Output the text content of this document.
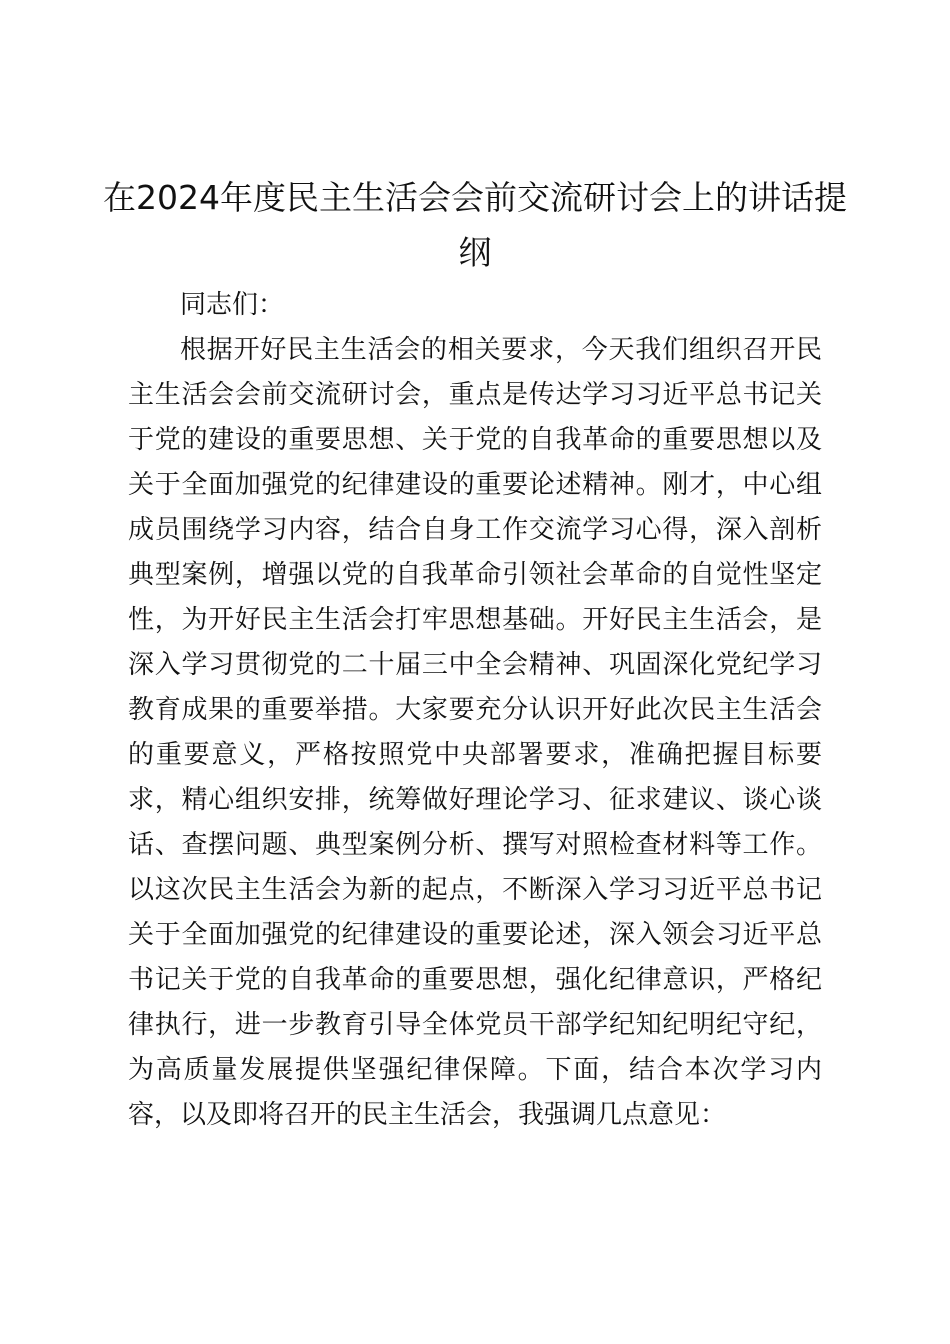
在2024年度民主生活会会前交流研讨会上的讲话提纲

同志们：

根据开好民主生活会的相关要求，今天我们组织召开民主生活会会前交流研讨会，重点是传达学习习近平总书记关于党的建设的重要思想、关于党的自我革命的重要思想以及关于全面加强党的纪律建设的重要论述精神。刚才，中心组成员围绕学习内容，结合自身工作交流学习心得，深入剖析典型案例，增强以党的自我革命引领社会革命的自觉性坚定性，为开好民主生活会打牢思想基础。开好民主生活会，是深入学习贯彻党的二十届三中全会精神、巩固深化党纪学习教育成果的重要举措。大家要充分认识开好此次民主生活会的重要意义，严格按照党中央部署要求，准确把握目标要求，精心组织安排，统筹做好理论学习、征求建议、谈心谈话、查摆问题、典型案例分析、撰写对照检查材料等工作。以这次民主生活会为新的起点，不断深入学习习近平总书记关于全面加强党的纪律建设的重要论述，深入领会习近平总书记关于党的自我革命的重要思想，强化纪律意识，严格纪律执行，进一步教育引导全体党员干部学纪知纪明纪守纪，为高质量发展提供坚强纪律保障。下面，结合本次学习内容，以及即将召开的民主生活会，我强调几点意见：
